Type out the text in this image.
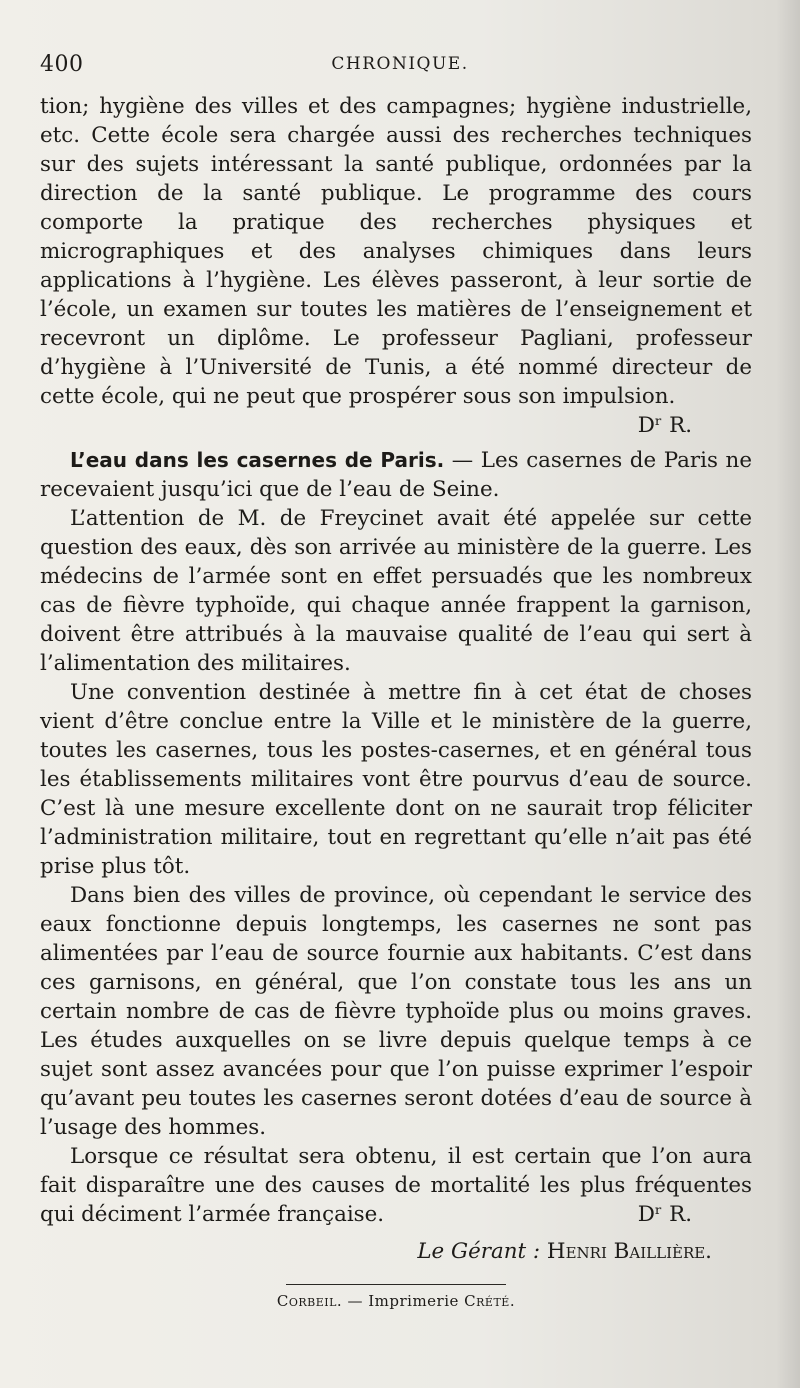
400	CHRONIQUE.

tion; hygiène des villes et des campagnes; hygiène industrielle, etc. Cette école sera chargée aussi des recherches techniques sur des sujets intéressant la santé publique, ordonnées par la direction de la santé publique. Le programme des cours comporte la pratique des recherches physiques et micrographiques et des analyses chimiques dans leurs applications à l’hygiène. Les élèves passeront, à leur sortie de l’école, un examen sur toutes les matières de l’enseignement et recevront un diplôme. Le professeur Pagliani, professeur d’hygiène à l’Université de Tunis, a été nommé directeur de cette école, qui ne peut que prospérer sous son impulsion.
Dʳ R.

L’eau dans les casernes de Paris. — Les casernes de Paris ne recevaient jusqu’ici que de l’eau de Seine.

L’attention de M. de Freycinet avait été appelée sur cette question des eaux, dès son arrivée au ministère de la guerre. Les médecins de l’armée sont en effet persuadés que les nombreux cas de fièvre typhoïde, qui chaque année frappent la garnison, doivent être attribués à la mauvaise qualité de l’eau qui sert à l’alimentation des militaires.

Une convention destinée à mettre fin à cet état de choses vient d’être conclue entre la Ville et le ministère de la guerre, toutes les casernes, tous les postes-casernes, et en général tous les établissements militaires vont être pourvus d’eau de source. C’est là une mesure excellente dont on ne saurait trop féliciter l’administration militaire, tout en regrettant qu’elle n’ait pas été prise plus tôt.

Dans bien des villes de province, où cependant le service des eaux fonctionne depuis longtemps, les casernes ne sont pas alimentées par l’eau de source fournie aux habitants. C’est dans ces garnisons, en général, que l’on constate tous les ans un certain nombre de cas de fièvre typhoïde plus ou moins graves. Les études auxquelles on se livre depuis quelque temps à ce sujet sont assez avancées pour que l’on puisse exprimer l’espoir qu’avant peu toutes les casernes seront dotées d’eau de source à l’usage des hommes.

Lorsque ce résultat sera obtenu, il est certain que l’on aura fait disparaître une des causes de mortalité les plus fréquentes qui déciment l’armée française.	Dʳ R.

Le Gérant : Henri Baillière.

Corbeil. — Imprimerie Crété.
